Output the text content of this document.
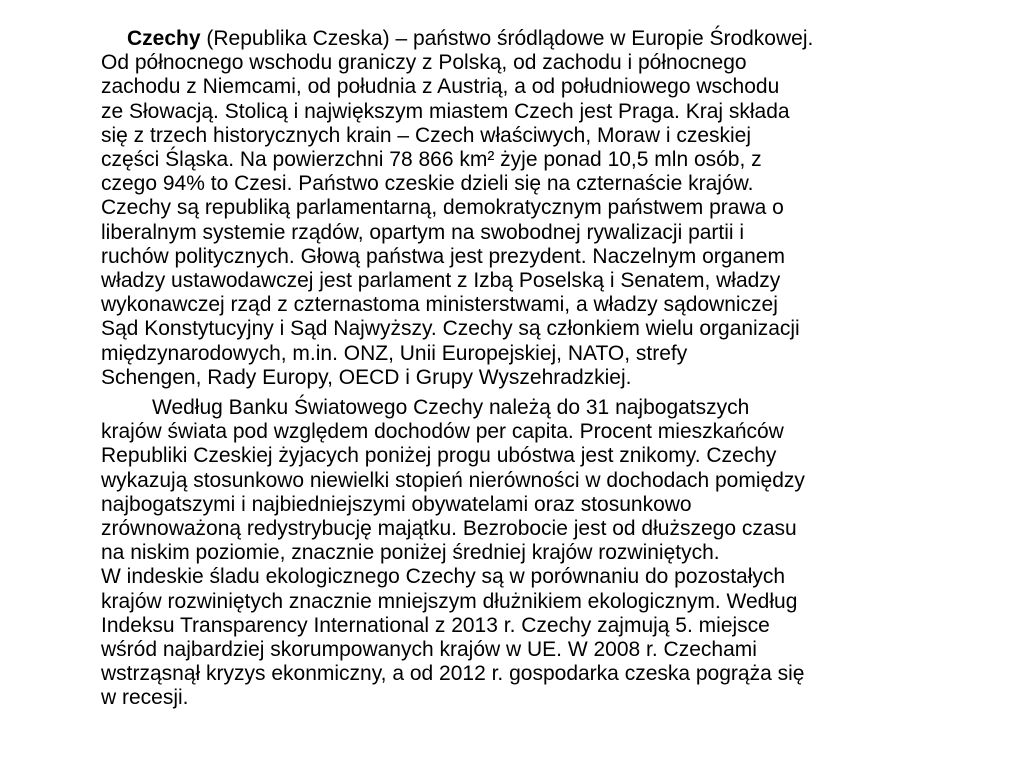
Czechy (Republika Czeska) – państwo śródlądowe w Europie Środkowej.
Od północnego wschodu graniczy z Polską, od zachodu i północnego
zachodu z Niemcami, od południa z Austrią, a od południowego wschodu
ze Słowacją. Stolicą i największym miastem Czech jest Praga. Kraj składa
się z trzech historycznych krain – Czech właściwych, Moraw i czeskiej
części Śląska. Na powierzchni 78 866 km² żyje ponad 10,5 mln osób, z
czego 94% to Czesi. Państwo czeskie dzieli się na czternaście krajów.
Czechy są republiką parlamentarną, demokratycznym państwem prawa o
liberalnym systemie rządów, opartym na swobodnej rywalizacji partii i
ruchów politycznych. Głową państwa jest prezydent. Naczelnym organem
władzy ustawodawczej jest parlament z Izbą Poselską i Senatem, władzy
wykonawczej rząd z czternastoma ministerstwami, a władzy sądowniczej
Sąd Konstytucyjny i Sąd Najwyższy. Czechy są członkiem wielu organizacji
międzynarodowych, m.in. ONZ, Unii Europejskiej, NATO, strefy
Schengen, Rady Europy, OECD i Grupy Wyszehradzkiej.
Według Banku Światowego Czechy należą do 31 najbogatszych
krajów świata pod względem dochodów per capita. Procent mieszkańców
Republiki Czeskiej żyjacych poniżej progu ubóstwa jest znikomy. Czechy
wykazują stosunkowo niewielki stopień nierówności w dochodach pomiędzy
najbogatszymi i najbiedniejszymi obywatelami oraz stosunkowo
zrównoważoną redystrybucję majątku. Bezrobocie jest od dłuższego czasu
na niskim poziomie, znacznie poniżej średniej krajów rozwiniętych.
W indeskie śladu ekologicznego Czechy są w porównaniu do pozostałych
krajów rozwiniętych znacznie mniejszym dłużnikiem ekologicznym. Według
Indeksu Transparency International z 2013 r. Czechy zajmują 5. miejsce
wśród najbardziej skorumpowanych krajów w UE. W 2008 r. Czechami
wstrząsnął kryzys ekonmiczny, a od 2012 r. gospodarka czeska pogrąża się
w recesji.
